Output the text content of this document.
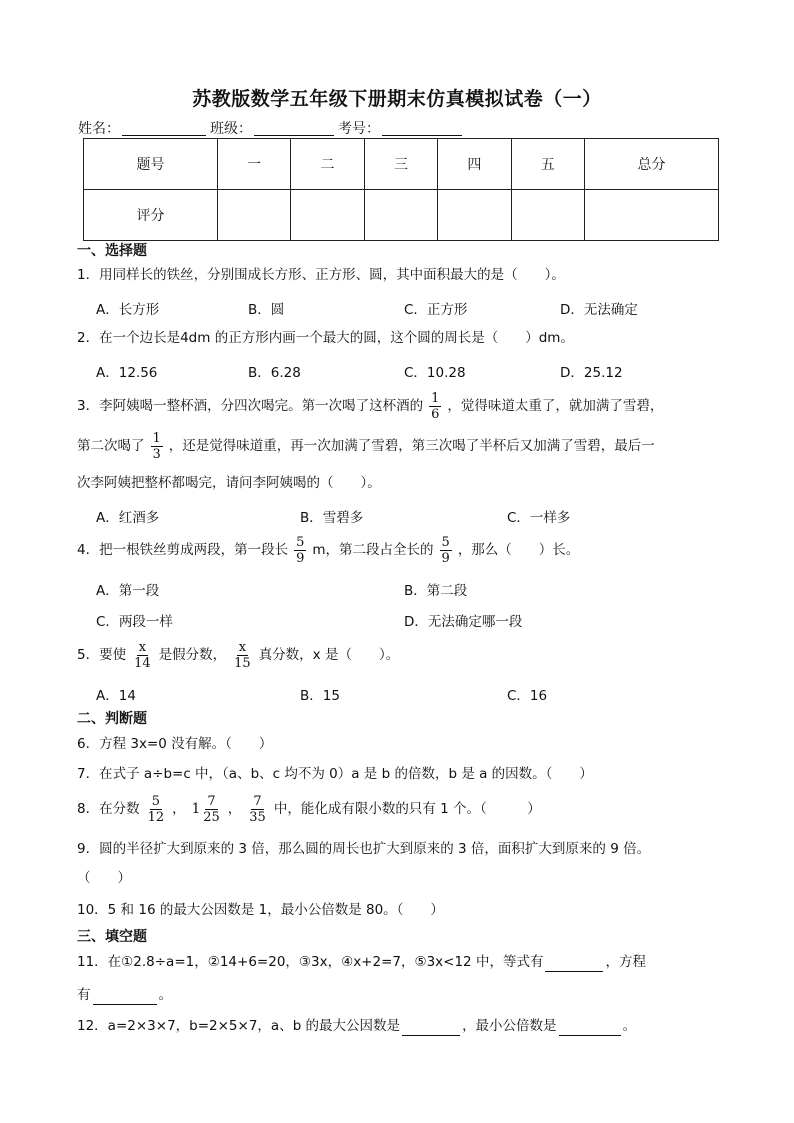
苏教版数学五年级下册期末仿真模拟试卷（一）
姓名：	班级：	考号：
题号	一	二	三	四	五	总分
评分						
一、选择题
1．用同样长的铁丝，分别围成长方形、正方形、圆，其中面积最大的是（　　）。
A．长方形	B．圆	C．正方形	D．无法确定
2．在一个边长是4dm 的正方形内画一个最大的圆，这个圆的周长是（　　）dm。
A．12.56	B．6.28	C．10.28	D．25.12
3．李阿姨喝一整杯酒，分四次喝完。第一次喝了这杯酒的 $\frac{1}{6}$ ，觉得味道太重了，就加满了雪碧，
第二次喝了 $\frac{1}{3}$ ，还是觉得味道重，再一次加满了雪碧，第三次喝了半杯后又加满了雪碧，最后一
次李阿姨把整杯都喝完，请问李阿姨喝的（　　）。
A．红酒多	B．雪碧多	C．一样多
4．把一根铁丝剪成两段，第一段长 $\frac{5}{9}$ m，第二段占全长的 $\frac{5}{9}$ ，那么（　　）长。
A．第一段	B．第二段
C．两段一样	D．无法确定哪一段
5．要使 $\frac{x}{14}$ 是假分数， $\frac{x}{15}$ 真分数，x 是（　　）。
A．14	B．15	C．16
二、判断题
6．方程 3x=0 没有解。（　　）
7．在式子 a÷b=c 中，（a、b、c 均不为 0）a 是 b 的倍数，b 是 a 的因数。（　　）
8．在分数 $\frac{5}{12}$ ， $1 \frac{7}{25}$ ， $\frac{7}{35}$ 中，能化成有限小数的只有 1 个。（　　　）
9．圆的半径扩大到原来的 3 倍，那么圆的周长也扩大到原来的 3 倍，面积扩大到原来的 9 倍。
（　　）
10．5 和 16 的最大公因数是 1，最小公倍数是 80。（　　）
三、填空题
11．在①2.8÷a=1，②14+6=20，③3x，④x+2=7，⑤3x<12 中，等式有	，方程
有	。
12．a=2×3×7，b=2×5×7，a、b 的最大公因数是	，最小公倍数是	。
